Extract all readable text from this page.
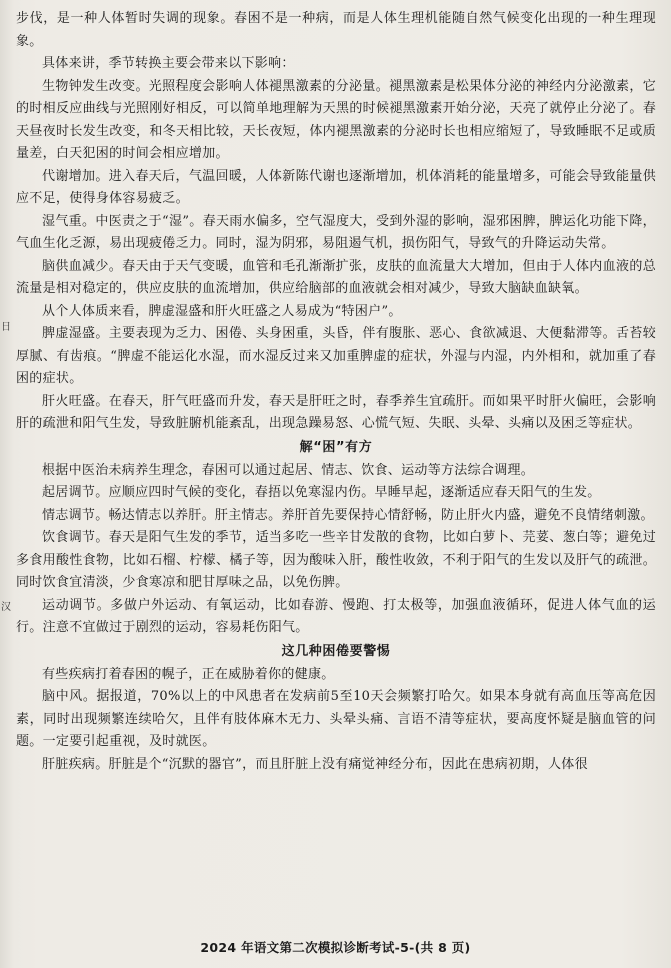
步伐，是一种人体暂时失调的现象。春困不是一种病，而是人体生理机能随自然气候变化出现的一种生理现象。

具体来讲，季节转换主要会带来以下影响：

生物钟发生改变。光照程度会影响人体褪黑激素的分泌量。褪黑激素是松果体分泌的神经内分泌激素，它的时相反应曲线与光照刚好相反，可以简单地理解为天黑的时候褪黑激素开始分泌，天亮了就停止分泌了。春天昼夜时长发生改变，和冬天相比较，天长夜短，体内褪黑激素的分泌时长也相应缩短了，导致睡眠不足或质量差，白天犯困的时间会相应增加。

代谢增加。进入春天后，气温回暖，人体新陈代谢也逐渐增加，机体消耗的能量增多，可能会导致能量供应不足，使得身体容易疲乏。

湿气重。中医责之于“湿”。春天雨水偏多，空气湿度大，受到外湿的影响，湿邪困脾，脾运化功能下降，气血生化乏源，易出现疲倦乏力。同时，湿为阴邪，易阻遏气机，损伤阳气，导致气的升降运动失常。

脑供血减少。春天由于天气变暖，血管和毛孔渐渐扩张，皮肤的血流量大大增加，但由于人体内血液的总流量是相对稳定的，供应皮肤的血流增加，供应给脑部的血液就会相对减少，导致大脑缺血缺氧。

从个人体质来看，脾虚湿盛和肝火旺盛之人易成为“特困户”。

脾虚湿盛。主要表现为乏力、困倦、头身困重，头昏，伴有腹胀、恶心、食欲减退、大便黏滞等。舌苔较厚腻、有齿痕。“脾虚不能运化水湿，而水湿反过来又加重脾虚的症状，外湿与内湿，内外相和，就加重了春困的症状。

肝火旺盛。在春天，肝气旺盛而升发，春天是肝旺之时，春季养生宜疏肝。而如果平时肝火偏旺，会影响肝的疏泄和阳气生发，导致脏腑机能紊乱，出现急躁易怒、心慌气短、失眠、头晕、头痛以及困乏等症状。

解“困”有方

根据中医治未病养生理念，春困可以通过起居、情志、饮食、运动等方法综合调理。

起居调节。应顺应四时气候的变化，春捂以免寒湿内伤。早睡早起，逐渐适应春天阳气的生发。

情志调节。畅达情志以养肝。肝主情志。养肝首先要保持心情舒畅，防止肝火内盛，避免不良情绪刺激。

饮食调节。春天是阳气生发的季节，适当多吃一些辛甘发散的食物，比如白萝卜、芫荽、葱白等；避免过多食用酸性食物，比如石榴、柠檬、橘子等，因为酸味入肝，酸性收敛，不利于阳气的生发以及肝气的疏泄。同时饮食宜清淡，少食寒凉和肥甘厚味之品，以免伤脾。

运动调节。多做户外运动、有氧运动，比如春游、慢跑、打太极等，加强血液循环，促进人体气血的运行。注意不宜做过于剧烈的运动，容易耗伤阳气。

这几种困倦要警惕

有些疾病打着春困的幌子，正在威胁着你的健康。

脑中风。据报道，70%以上的中风患者在发病前5至10天会频繁打哈欠。如果本身就有高血压等高危因素，同时出现频繁连续哈欠，且伴有肢体麻木无力、头晕头痛、言语不清等症状，要高度怀疑是脑血管的问题。一定要引起重视，及时就医。

肝脏疾病。肝脏是个“沉默的器官”，而且肝脏上没有痛觉神经分布，因此在患病初期，人体很

日
汉
2024 年语文第二次模拟诊断考试-5-(共 8 页)
